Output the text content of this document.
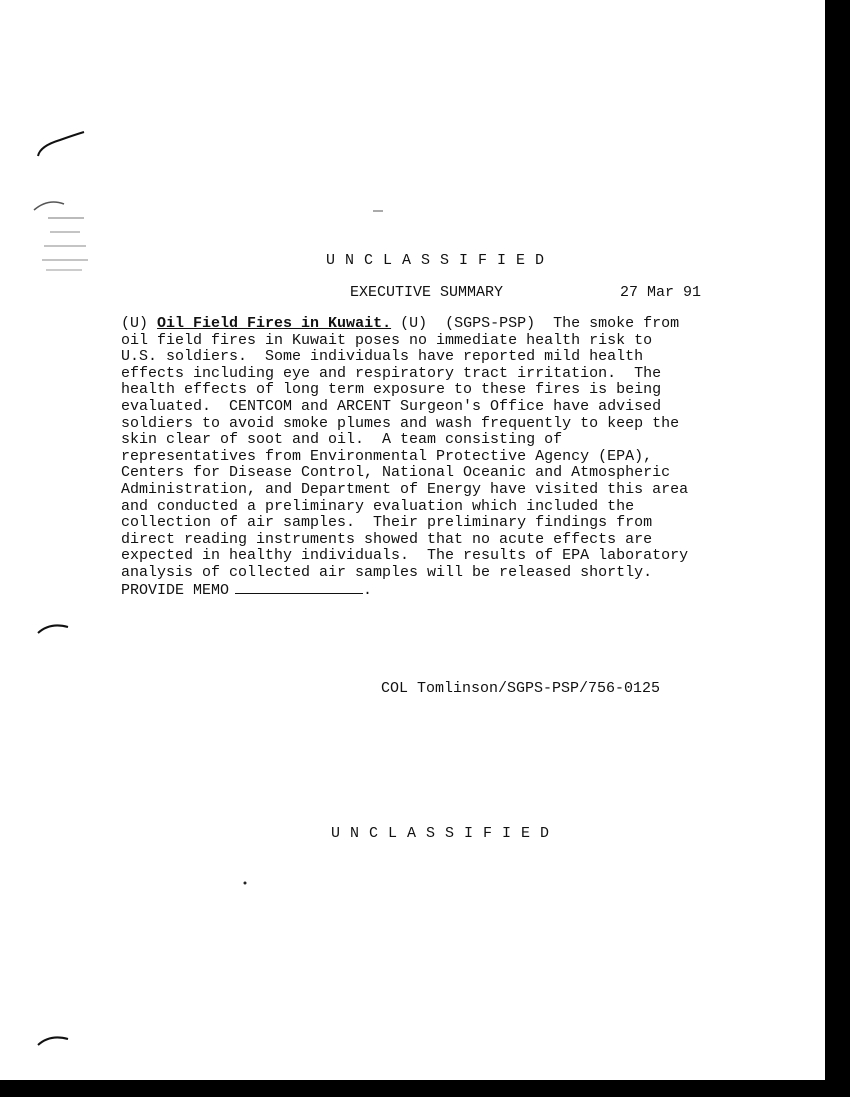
UNCLASSIFIED
EXECUTIVE SUMMARY	27 Mar 91
(U) Oil Field Fires in Kuwait. (U) (SGPS-PSP) The smoke from
oil field fires in Kuwait poses no immediate health risk to
U.S. soldiers.  Some individuals have reported mild health
effects including eye and respiratory tract irritation.  The
health effects of long term exposure to these fires is being
evaluated.  CENTCOM and ARCENT Surgeon's Office have advised
soldiers to avoid smoke plumes and wash frequently to keep the
skin clear of soot and oil.  A team consisting of
representatives from Environmental Protective Agency (EPA),
Centers for Disease Control, National Oceanic and Atmospheric
Administration, and Department of Energy have visited this area
and conducted a preliminary evaluation which included the
collection of air samples.  Their preliminary findings from
direct reading instruments showed that no acute effects are
expected in healthy individuals.  The results of EPA laboratory
analysis of collected air samples will be released shortly.
PROVIDE MEMO	.
COL Tomlinson/SGPS-PSP/756-0125
UNCLASSIFIED
